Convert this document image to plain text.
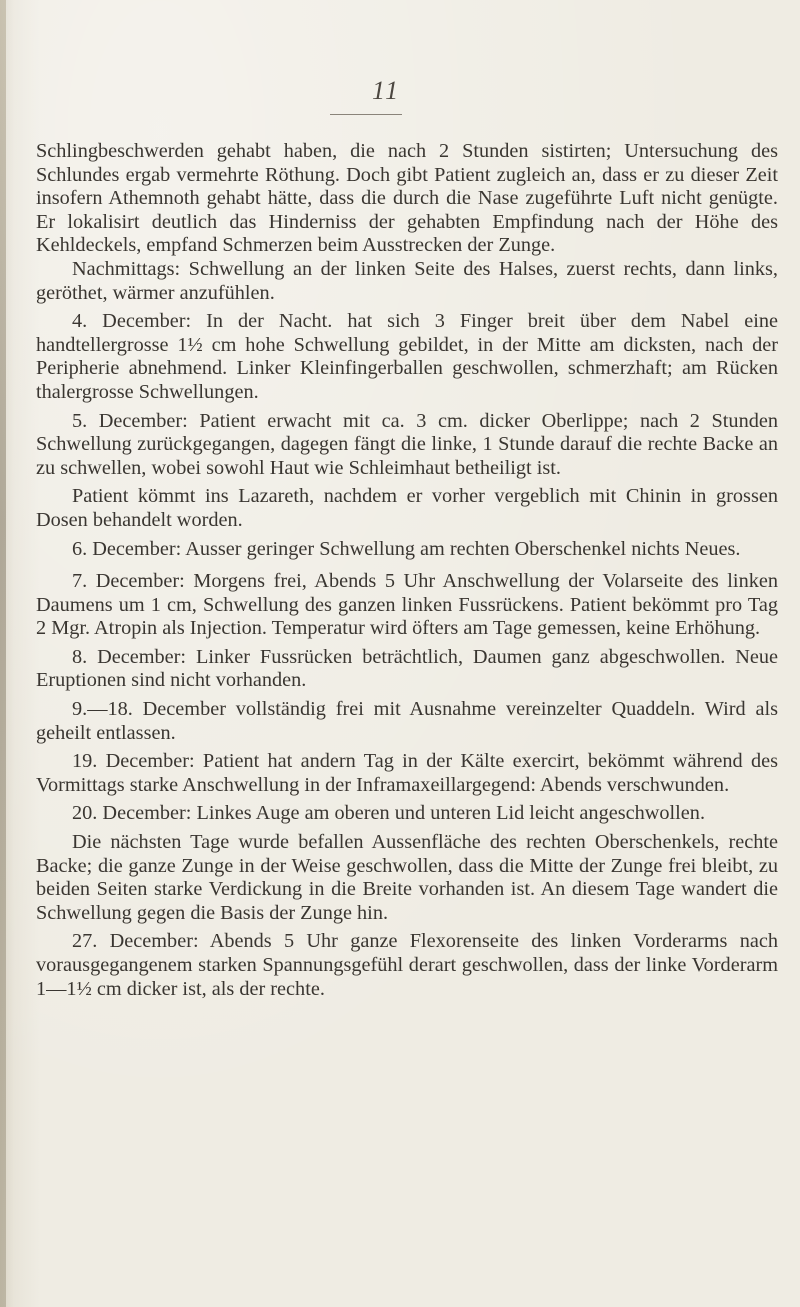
11

Schlingbeschwerden gehabt haben, die nach 2 Stunden sistirten; Untersuchung des Schlundes ergab vermehrte Röthung. Doch gibt Patient zugleich an, dass er zu dieser Zeit insofern Athemnoth gehabt hätte, dass die durch die Nase zugeführte Luft nicht genügte. Er lokalisirt deutlich das Hinderniss der gehabten Empfindung nach der Höhe des Kehldeckels, empfand Schmerzen beim Ausstrecken der Zunge.

Nachmittags: Schwellung an der linken Seite des Halses, zuerst rechts, dann links, geröthet, wärmer anzufühlen.

4. December: In der Nacht. hat sich 3 Finger breit über dem Nabel eine handtellergrosse 1½ cm hohe Schwellung gebildet, in der Mitte am dicksten, nach der Peripherie abnehmend. Linker Kleinfingerballen geschwollen, schmerzhaft; am Rücken thalergrosse Schwellungen.

5. December: Patient erwacht mit ca. 3 cm. dicker Oberlippe; nach 2 Stunden Schwellung zurückgegangen, dagegen fängt die linke, 1 Stunde darauf die rechte Backe an zu schwellen, wobei sowohl Haut wie Schleimhaut betheiligt ist.

Patient kömmt ins Lazareth, nachdem er vorher vergeblich mit Chinin in grossen Dosen behandelt worden.

6. December: Ausser geringer Schwellung am rechten Oberschenkel nichts Neues.

7. December: Morgens frei, Abends 5 Uhr Anschwellung der Volarseite des linken Daumens um 1 cm, Schwellung des ganzen linken Fussrückens. Patient bekömmt pro Tag 2 Mgr. Atropin als Injection. Temperatur wird öfters am Tage gemessen, keine Erhöhung.

8. December: Linker Fussrücken beträchtlich, Daumen ganz abgeschwollen. Neue Eruptionen sind nicht vorhanden.

9.—18. December vollständig frei mit Ausnahme vereinzelter Quaddeln. Wird als geheilt entlassen.

19. December: Patient hat andern Tag in der Kälte exercirt, bekömmt während des Vormittags starke Anschwellung in der Inframaxeillargegend: Abends verschwunden.

20. December: Linkes Auge am oberen und unteren Lid leicht angeschwollen.

Die nächsten Tage wurde befallen Aussenfläche des rechten Oberschenkels, rechte Backe; die ganze Zunge in der Weise geschwollen, dass die Mitte der Zunge frei bleibt, zu beiden Seiten starke Verdickung in die Breite vorhanden ist. An diesem Tage wandert die Schwellung gegen die Basis der Zunge hin.

27. December: Abends 5 Uhr ganze Flexorenseite des linken Vorderarms nach vorausgegangenem starken Spannungsgefühl derart geschwollen, dass der linke Vorderarm 1—1½ cm dicker ist, als der rechte.
